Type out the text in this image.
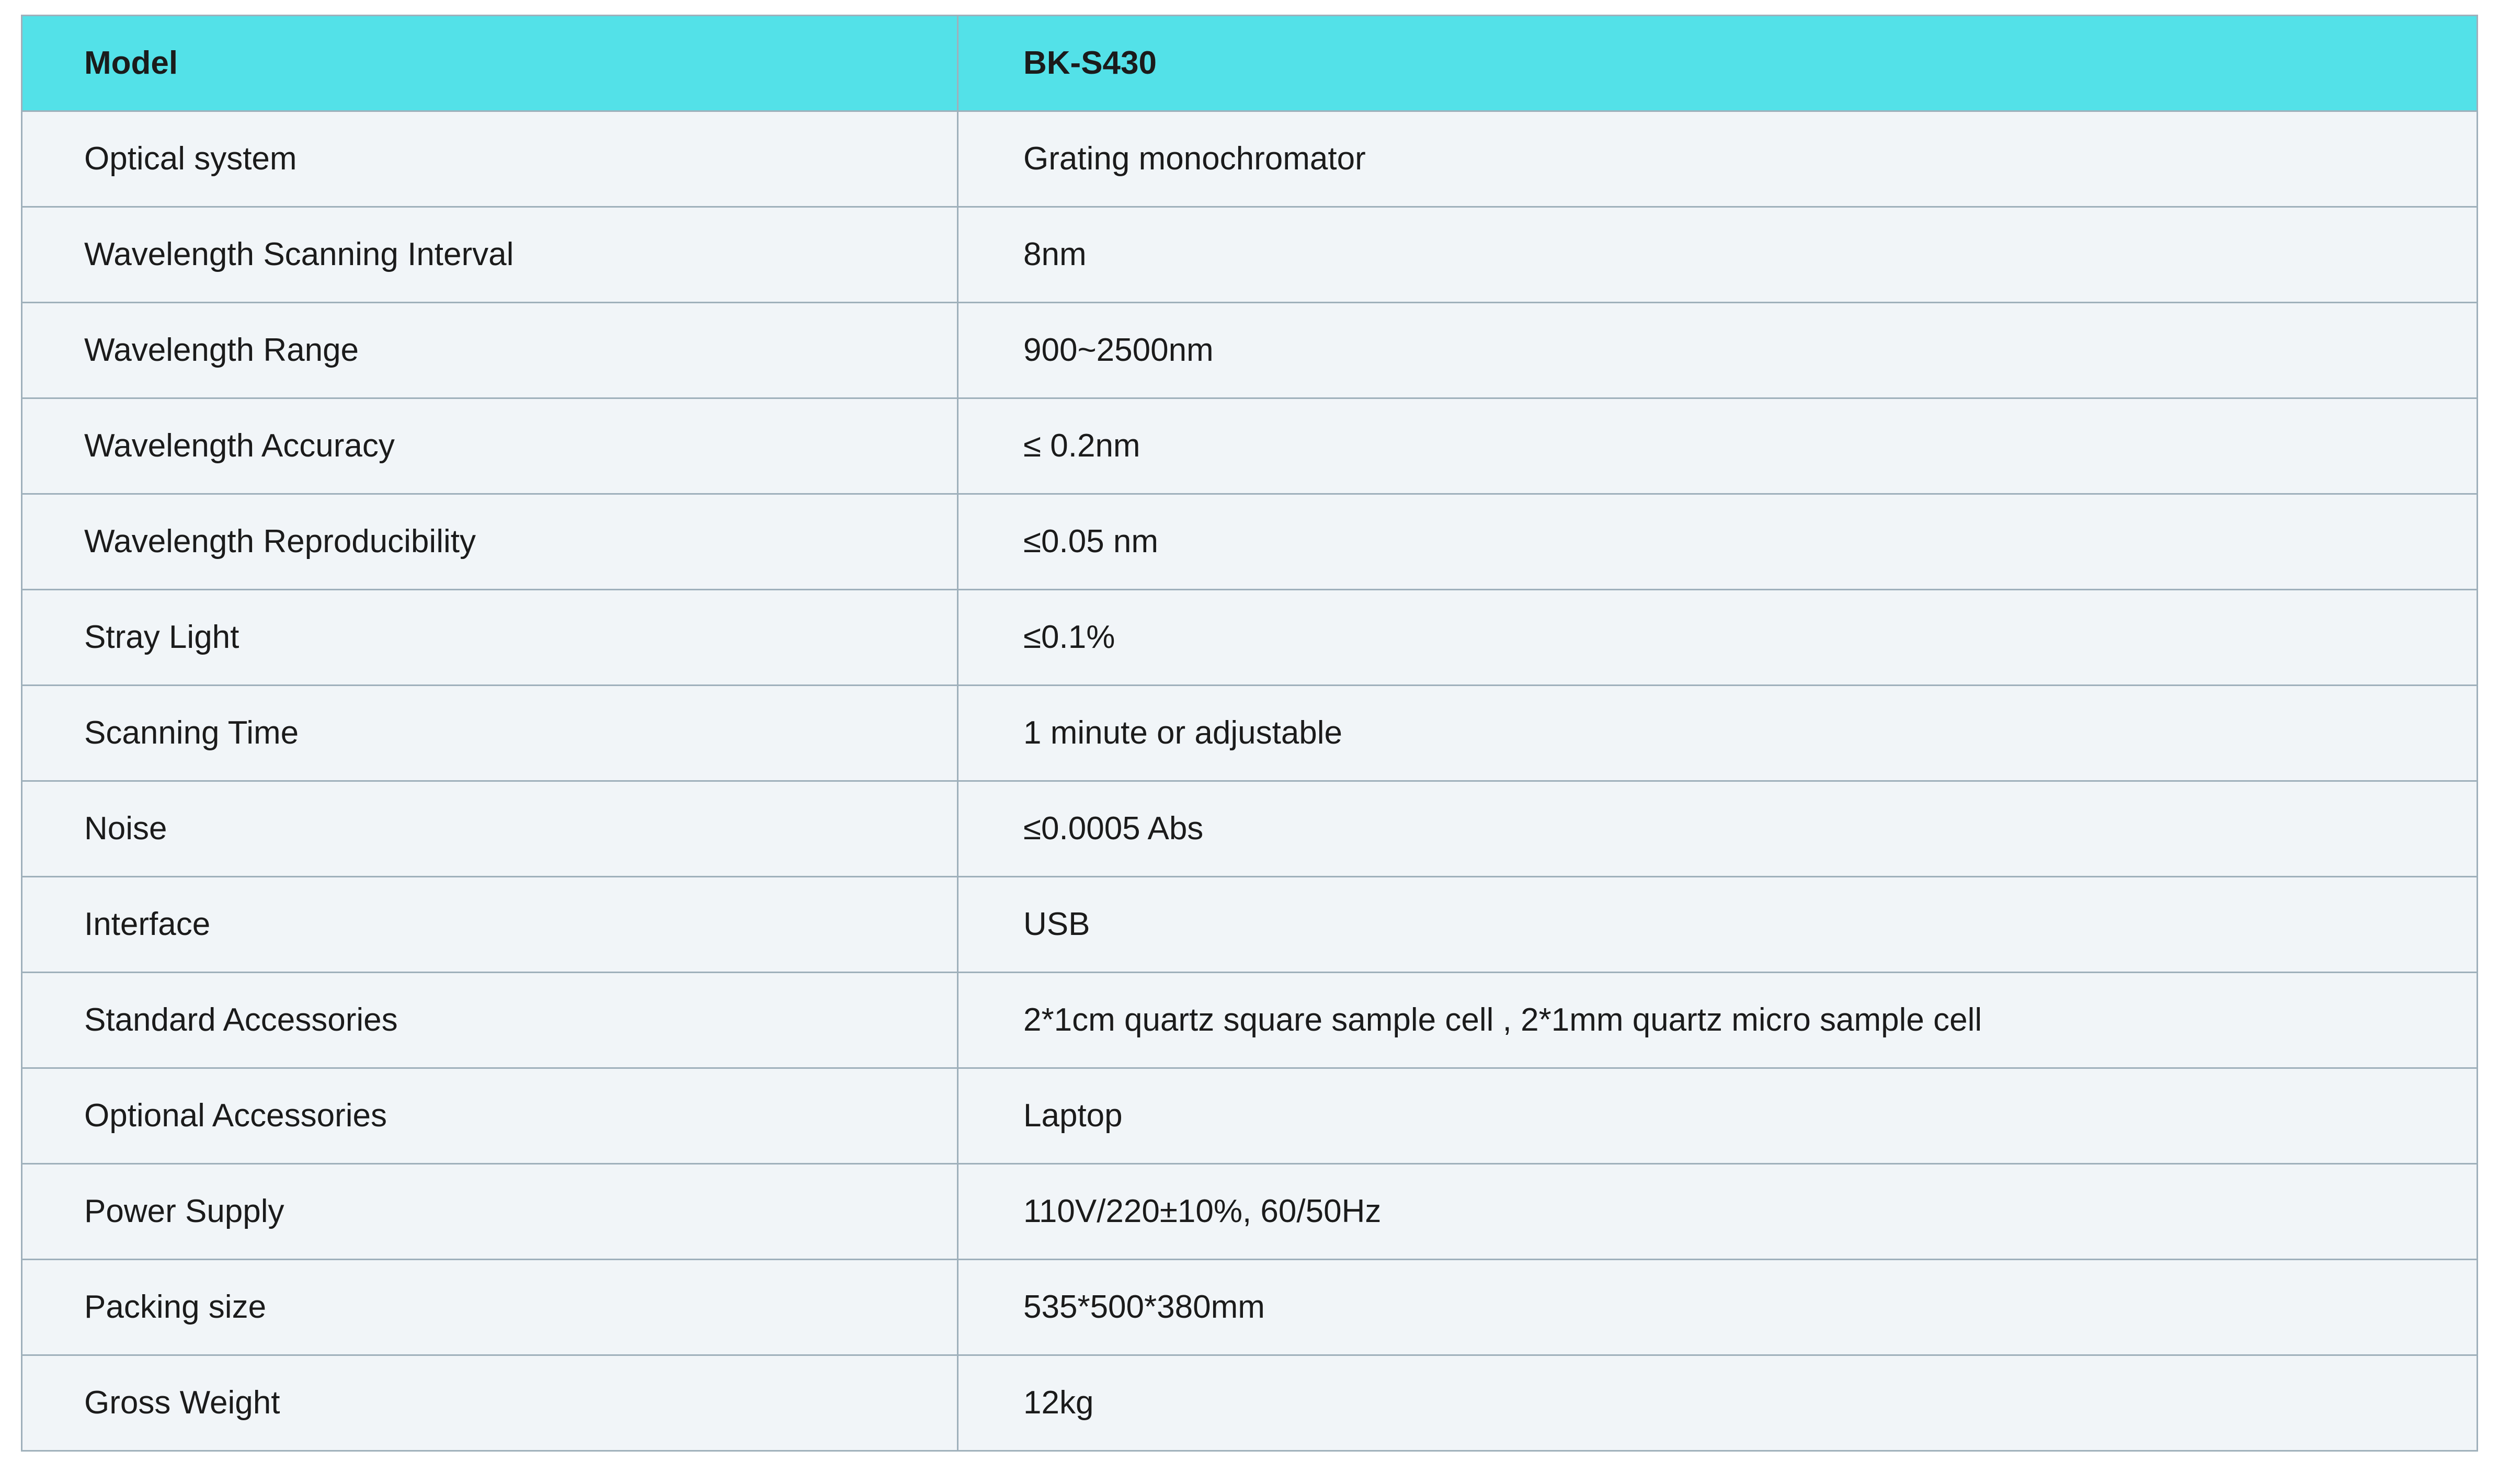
Model	BK-S430
Optical system	Grating monochromator
Wavelength Scanning Interval	8nm
Wavelength Range	900~2500nm
Wavelength Accuracy	≤ 0.2nm
Wavelength Reproducibility	≤0.05 nm
Stray Light	≤0.1%
Scanning Time	1 minute or adjustable
Noise	≤0.0005 Abs
Interface	USB
Standard Accessories	2*1cm quartz square sample cell , 2*1mm quartz micro sample cell
Optional Accessories	Laptop
Power Supply	110V/220±10%, 60/50Hz
Packing size	535*500*380mm
Gross Weight	12kg
